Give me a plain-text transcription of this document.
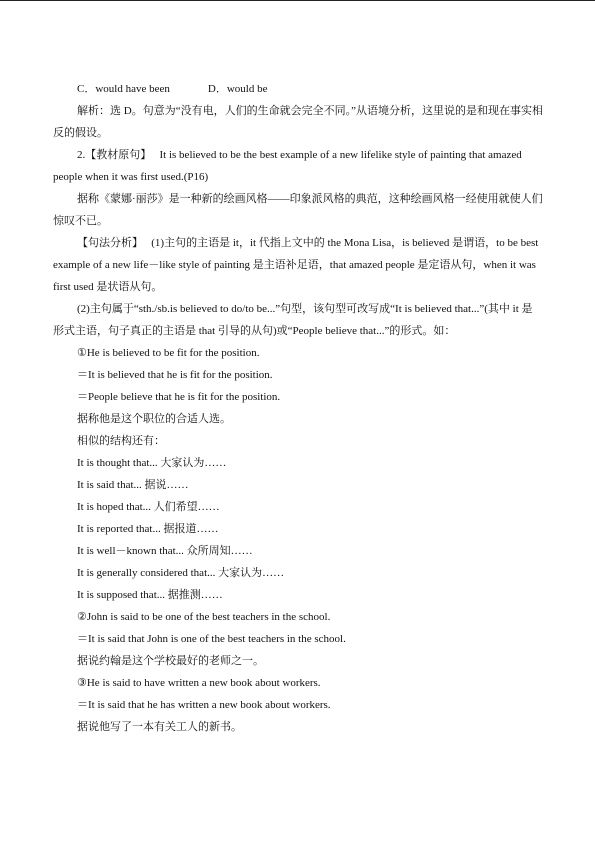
C．would have been	D．would be

解析：选 D。句意为“没有电，人们的生命就会完全不同。”从语境分析，这里说的是和现在事实相反的假设。

2.【教材原句】 It is believed to be the best example of a new lifelike style of painting that amazed people when it was first used.(P16)

据称《蒙娜·丽莎》是一种新的绘画风格——印象派风格的典范，这种绘画风格一经使用就使人们惊叹不已。

【句法分析】 (1)主句的主语是 it，it 代指上文中的 the Mona Lisa，is believed 是谓语，to be best example of a new life－like style of painting 是主语补足语，that amazed people 是定语从句，when it was first used 是状语从句。

(2)主句属于“sth./sb.is believed to do/to be...”句型，该句型可改写成“It is believed that...”(其中 it 是形式主语，句子真正的主语是 that 引导的从句)或“People believe that...”的形式。如：

①He is believed to be fit for the position.

＝It is believed that he is fit for the position.

＝People believe that he is fit for the position.

据称他是这个职位的合适人选。

相似的结构还有：

It is thought that... 大家认为……

It is said that... 据说……

It is hoped that... 人们希望……

It is reported that... 据报道……

It is well－known that... 众所周知……

It is generally considered that... 大家认为……

It is supposed that... 据推测……

②John is said to be one of the best teachers in the school.

＝It is said that John is one of the best teachers in the school.

据说约翰是这个学校最好的老师之一。

③He is said to have written a new book about workers.

＝It is said that he has written a new book about workers.

据说他写了一本有关工人的新书。
